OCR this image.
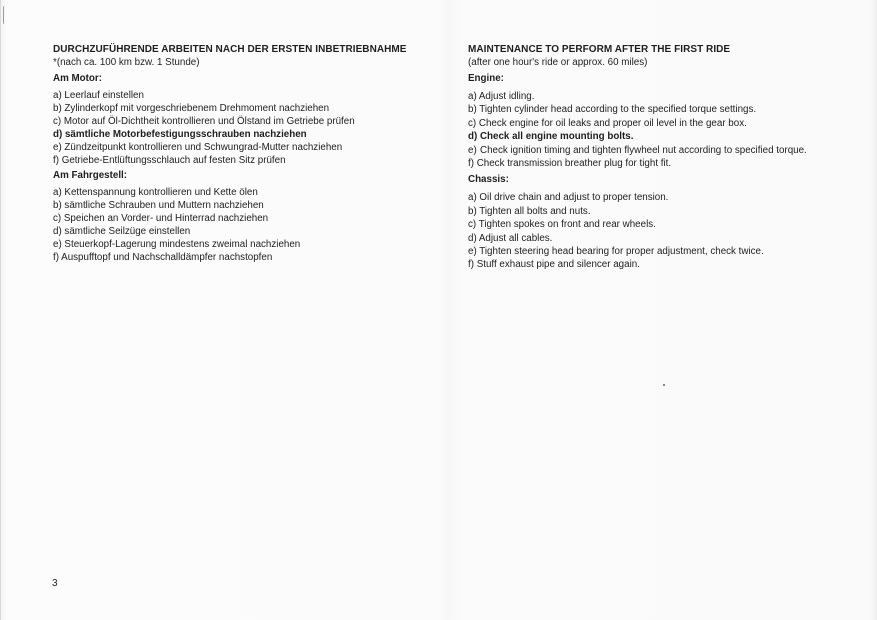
DURCHZUFÜHRENDE ARBEITEN NACH DER ERSTEN INBETRIEBNAHME

*(nach ca. 100 km bzw. 1 Stunde)

Am Motor:

a) Leerlauf einstellen
b) Zylinderkopf mit vorgeschriebenem Drehmoment nachziehen
c) Motor auf Öl-Dichtheit kontrollieren und Ölstand im Getriebe prüfen
d) sämtliche Motorbefestigungsschrauben nachziehen
e) Zündzeitpunkt kontrollieren und Schwungrad-Mutter nachziehen
f) Getriebe-Entlüftungsschlauch auf festen Sitz prüfen

Am Fahrgestell:

a) Kettenspannung kontrollieren und Kette ölen
b) sämtliche Schrauben und Muttern nachziehen
c) Speichen an Vorder- und Hinterrad nachziehen
d) sämtliche Seilzüge einstellen
e) Steuerkopf-Lagerung mindestens zweimal nachziehen
f) Auspufftopf und Nachschalldämpfer nachstopfen

MAINTENANCE TO PERFORM AFTER THE FIRST RIDE

(after one hour's ride or approx. 60 miles)

Engine:

a) Adjust idling.
b) Tighten cylinder head according to the specified torque settings.
c) Check engine for oil leaks and proper oil level in the gear box.
d) Check all engine mounting bolts.
e) Check ignition timing and tighten flywheel nut according to specified torque.
f) Check transmission breather plug for tight fit.

Chassis:

a) Oil drive chain and adjust to proper tension.
b) Tighten all bolts and nuts.
c) Tighten spokes on front and rear wheels.
d) Adjust all cables.
e) Tighten steering head bearing for proper adjustment, check twice.
f) Stuff exhaust pipe and silencer again.
3
